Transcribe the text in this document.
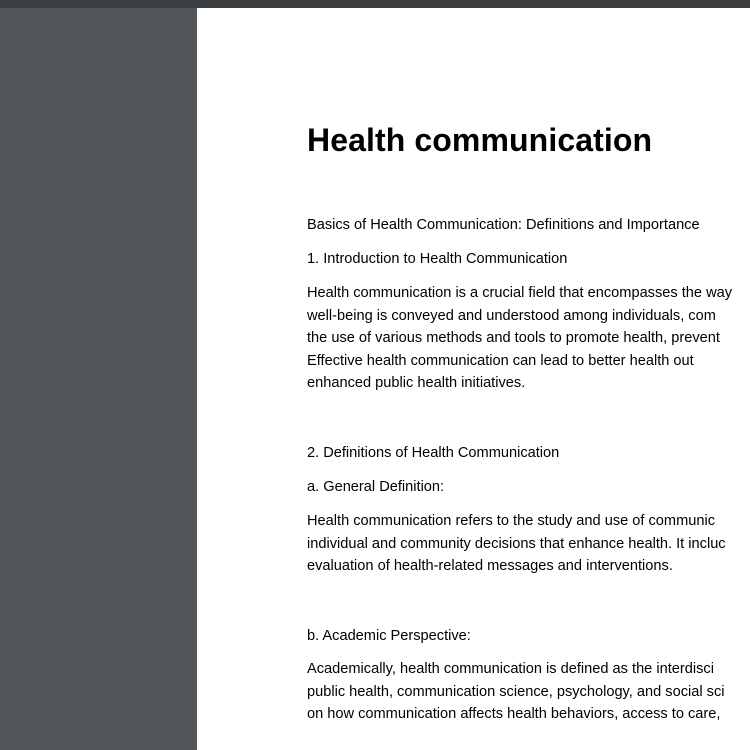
Health communication
Basics of Health Communication: Definitions and Importance
1. Introduction to Health Communication
Health communication is a crucial field that encompasses the way
well-being is conveyed and understood among individuals, com
the use of various methods and tools to promote health, prevent
Effective health communication can lead to better health out
enhanced public health initiatives.
2. Definitions of Health Communication
a. General Definition:
Health communication refers to the study and use of communic
individual and community decisions that enhance health. It incluc
evaluation of health-related messages and interventions.
b. Academic Perspective:
Academically, health communication is defined as the interdisci
public health, communication science, psychology, and social sci
on how communication affects health behaviors, access to care,
